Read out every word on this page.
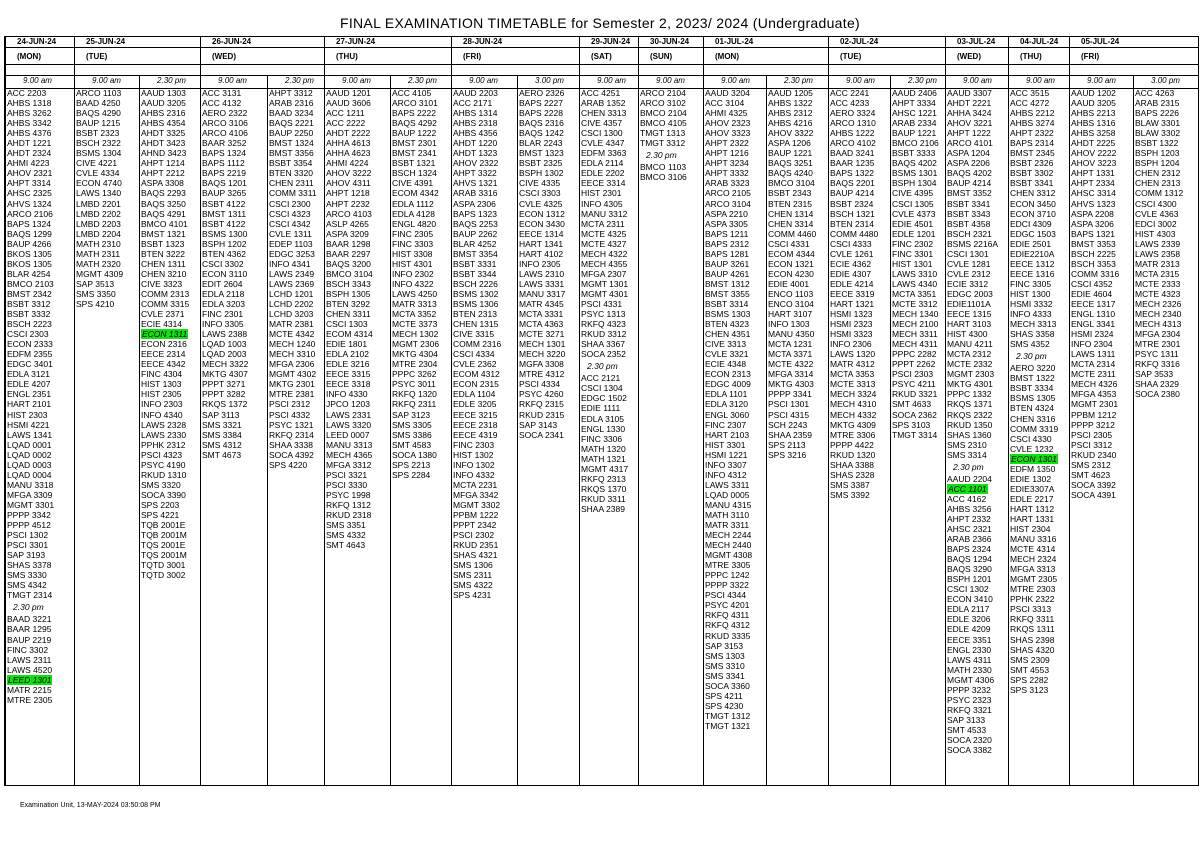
FINAL EXAMINATION TIMETABLE for Semester 2, 2023/ 2024 (Undergraduate)
24-JUN-24
(MON)
9.00 am
ACC 2203
AHBS 1318
AHBS 3262
AHBS 3342
AHBS 4376
AHDT 1221
AHDT 2324
AHMI 4223
AHOV 2321
AHPT 3314
AHSC 2325
AHVS 1324
ARCO 2106
BAPS 1324
BAQS 1299
BAUP 4266
BKOS 1305
BKOS 1305
BLAR 4254
BMCO 2103
BMST 2342
BSBT 3312
BSBT 3332
BSCH 2223
CSCI 2303
ECON 2333
EDFM 2355
EDGC 3401
EDLA 3121
EDLE 4207
ENGL 2351
HART 2101
HIST 2303
HSMI 4221
LAWS 1341
LQAD 0001
LQAD 0002
LQAD 0003
LQAD 0004
MANU 3318
MFGA 3309
MGMT 3301
PPPP 3342
PPPP 4512
PSCI 1302
PSCI 3301
SAP 3193
SHAS 3378
SMS 3330
SMS 4342
TMGT 2314
2.30 pm
BAAD 3221
BAAR 1295
BAUP 2219
FINC 3302
LAWS 2311
LAWS 4520
LEED 1301
MATR 2215
MTRE 2305
25-JUN-24
(TUE)
9.00 am
ARCO 1103
BAAD 4250
BAQS 4290
BAUP 1215
BSBT 2323
BSCH 2322
BSMS 1304
CIVE 4221
CVLE 4334
ECON 4740
LAWS 1340
LMBD 2201
LMBD 2202
LMBD 2203
LMBD 2204
MATH 2310
MATH 2311
MATH 2320
MGMT 4309
SAP 3513
SMS 3350
SPS 4210
2.30 pm
AAUD 1303
AAUD 3205
AHBS 2316
AHBS 4354
AHDT 3325
AHDT 3423
AHND 3423
AHPT 1214
AHPT 2212
ASPA 3308
BAQS 2293
BAQS 3250
BAQS 4291
BMCO 4101
BMST 1321
BSBT 1323
BTEN 3222
CHEN 1311
CHEN 3210
CIVE 3323
COMM 2313
COMM 3315
CVLE 2371
ECIE 4314
ECON 1311
ECON 2316
EECE 2314
EECE 4342
FINC 4304
HIST 1303
HIST 2305
INFO 2303
INFO 4340
LAWS 2328
LAWS 2330
PPHK 2312
PSCI 4323
PSYC 4190
RKUD 1310
SMS 3320
SOCA 3390
SPS 2203
SPS 4221
TQB 2001E
TQB 2001M
TQS 2001E
TQS 2001M
TQTD 3001
TQTD 3002
26-JUN-24
(WED)
9.00 am
ACC 3131
ACC 4132
AERO 2322
ARCO 3106
ARCO 4106
BAAR 3252
BAPS 1324
BAPS 1112
BAPS 2219
BAQS 1201
BAUP 3265
BSBT 4122
BMST 1311
BSBT 4122
BSMS 1300
BSPH 1202
BTEN 4362
CSCI 3302
ECON 3110
EDIT 2604
EDLA 2118
EDLA 3203
FINC 2301
INFO 3305
LAWS 2388
LQAD 1003
LQAD 2003
MECH 3322
MKTG 4307
PPPT 3271
PPPT 3282
RKQS 1372
SAP 3113
SMS 3321
SMS 3384
SMS 4312
SMT 4673
2.30 pm
AHPT 3312
ARAB 2316
BAAD 3234
BAQS 2221
BAUP 2250
BMST 1324
BMST 3356
BSBT 3354
BTEN 3320
CHEN 2311
COMM 3311
CSCI 2300
CSCI 4323
CSCI 4342
CVLE 1311
EDEP 1103
EDGC 3253
INFO 4341
LAWS 2349
LAWS 2369
LCHD 1201
LCHD 2202
LCHD 3203
MATR 2381
MCTE 4342
MECH 1240
MECH 3310
MFGA 2306
MGMT 4302
MKTG 2301
MTRE 2381
PSCI 2312
PSCI 4332
PSYC 1321
RKFQ 2314
SHAA 3338
SOCA 4392
SPS 4220
27-JUN-24
(THU)
9.00 am
AAUD 1201
AAUD 3606
ACC 1211
ACC 2222
AHDT 2222
AHHA 4613
AHHA 4623
AHMI 4224
AHOV 3222
AHOV 4311
AHPT 1218
AHPT 2232
ARCO 4103
ASLP 4265
ASPA 3209
BAAR 1298
BAAR 2297
BAQS 3200
BMCO 3104
BSCH 3343
BSPH 1305
BTEN 3292
CHEN 3311
CSCI 1303
ECOM 4314
EDIE 1801
EDLA 2102
EDLE 3216
EECE 3315
EECE 3318
INFO 4330
JPCO 1203
LAWS 2331
LAWS 3320
LEED 0007
MANU 3313
MECH 4365
MFGA 3312
PSCI 3321
PSCI 3330
PSYC 1998
RKFQ 1312
RKUD 2318
SMS 3351
SMS 4332
SMT 4643
2.30 pm
ACC 4105
ARCO 3101
BAPS 2222
BAQS 4292
BAUP 1222
BMST 2301
BMST 2341
BSBT 1321
BSCH 1324
CIVE 4391
ECOM 4342
EDLA 1112
EDLA 4128
ENGL 4820
FINC 2305
FINC 3303
HIST 3308
HIST 4301
INFO 2302
INFO 4322
LAWS 4250
MATR 3313
MCTA 3352
MCTE 3373
MECH 1302
MGMT 2306
MKTG 4304
MTRE 2304
PPPC 3262
PSYC 3011
RKFQ 1320
RKFQ 2311
SAP 3123
SMS 3305
SMS 3386
SMT 4583
SOCA 1380
SPS 2213
SPS 2284
28-JUN-24
(FRI)
9.00 am
AAUD 2203
ACC 2171
AHBS 1314
AHBS 2318
AHBS 4356
AHDT 1220
AHDT 1323
AHOV 2322
AHPT 3322
AHVS 1321
ARAB 3316
ASPA 2306
BAPS 1323
BAQS 2253
BAUP 2262
BLAR 4252
BMST 3354
BSBT 3331
BSBT 3344
BSCH 2226
BSMS 1302
BSMS 1306
BTEN 2313
CHEN 1315
CIVE 3315
COMM 2316
CSCI 4334
CVLE 2362
ECOM 4312
ECON 2315
EDLA 1104
EDLE 3205
EECE 3215
EECE 2318
EECE 4319
FINC 2303
HIST 1302
INFO 1302
INFO 4332
MCTA 2231
MFGA 3342
MGMT 3302
PPBM 1222
PPPT 2342
PSCI 2302
RKUD 2351
SHAS 4321
SMS 1306
SMS 2311
SMS 4322
SPS 4231
3.00 pm
AERO 2326
BAPS 2227
BAPS 2228
BAQS 2316
BAQS 1242
BLAR 2243
BMST 1323
BSBT 2325
BSPH 1302
CIVE 4335
CSCI 3303
CVLE 4325
ECON 1312
ECON 3430
EECE 1314
HART 1341
HART 4102
INFO 2305
LAWS 2310
LAWS 3331
MANU 3317
MATR 4345
MCTA 3331
MCTA 4363
MCTE 3271
MECH 1301
MECH 3220
MGFA 3308
MTRE 4312
PSCI 4334
PSYC 4260
RKFQ 2315
RKUD 2315
SAP 3143
SOCA 2341
29-JUN-24
(SAT)
9.00 am
ACC 4251
ARAB 1352
CHEN 3313
CIVE 4357
CSCI 1300
CVLE 4347
EDFM 3363
EDLA 2114
EDLE 2202
EECE 3314
HIST 2301
INFO 4305
MANU 3312
MCTA 2311
MCTE 4325
MCTE 4327
MECH 4322
MECH 4355
MFGA 2307
MGMT 1301
MGMT 4301
PSCI 4331
PSYC 1313
RKFQ 4323
RKUD 3312
SHAA 3367
SOCA 2352
2.30 pm
ACC 2121
CSCI 1304
EDGC 1502
EDIE 1111
EDLA 3105
ENGL 1330
FINC 3306
MATH 1320
MATH 1321
MGMT 4317
RKFQ 2313
RKQS 1370
RKUD 3311
SHAA 2389
30-JUN-24
(SUN)
9.00 am
ARCO 2104
ARCO 3102
BMCO 2104
BMCO 4105
TMGT 1313
TMGT 3312
2.30 pm
BMCO 1103
BMCO 3106
01-JUL-24
(MON)
9.00 am
AAUD 3204
ACC 3104
AHMI 4325
AHOV 2323
AHOV 3323
AHPT 2322
AHPT 1216
AHPT 3234
AHPT 3332
ARAB 3323
ARCO 2105
ARCO 3104
ASPA 2210
ASPA 3305
BAPS 1211
BAPS 2312
BAPS 1281
BAUP 3261
BAUP 4261
BMST 1312
BMST 3355
BSBT 3314
BSMS 1303
BTEN 4323
CHEN 4351
CIVE 3313
CVLE 3321
ECIE 4348
ECON 2313
EDGC 4009
EDLA 1101
EDLA 3120
ENGL 3060
FINC 2307
HART 2103
HIST 3301
HSMI 1221
INFO 3307
INFO 4312
LAWS 3311
LQAD 0005
MANU 4315
MATH 3110
MATR 3311
MECH 2244
MECH 2440
MGMT 4308
MTRE 3305
PPPC 1242
PPPP 3322
PSCI 4344
PSYC 4201
RKFQ 4311
RKFQ 4312
RKUD 3335
SAP 3153
SMS 1303
SMS 3310
SMS 3341
SOCA 3360
SPS 4211
SPS 4230
TMGT 1312
TMGT 1321
2.30 pm
AAUD 1205
AHBS 1322
AHBS 2312
AHBS 4216
AHOV 3322
ASPA 1206
BAUP 1221
BAQS 3251
BAQS 4240
BMCO 3104
BSBT 2343
BTEN 2315
CHEN 1314
CHEN 3314
COMM 4460
CSCI 4331
ECOM 4344
ECON 1321
ECON 4230
EDIE 4001
ENCO 1103
ENCO 3104
HART 3107
INFO 1303
MANU 4350
MCTA 1231
MCTA 3371
MCTE 4322
MFGA 3314
MKTG 4303
PPPP 3341
PSCI 1301
PSCI 4315
SCH 2243
SHAA 2359
SPS 2113
SPS 3216
02-JUL-24
(TUE)
9.00 am
ACC 2241
ACC 4233
AERO 3324
ARCO 1310
AHBS 1222
ARCO 4102
BAAD 3241
BAAR 1235
BAPS 1322
BAQS 2201
BAUP 4214
BSBT 2324
BSCH 1321
BTEN 2314
COMM 4480
CSCI 4333
CVLE 1261
ECIE 4362
EDIE 4307
EDLE 4214
EECE 3319
HART 1321
HSMI 1323
HSMI 2323
HSMI 3323
INFO 2306
LAWS 1320
MATR 4312
MCTA 3353
MCTE 3313
MECH 3324
MECH 4310
MECH 4332
MKTG 4309
MTRE 3306
PPPP 4422
RKUD 1320
SHAA 3388
SHAS 2328
SMS 3387
SMS 3392
2.30 pm
AAUD 2406
AHPT 3334
AHSC 1221
ARAB 2334
BAUP 1221
BMCO 2106
BSBT 3333
BAQS 4202
BSMS 1301
BSPH 1304
CIVE 4395
CSCI 1305
CVLE 4373
EDIE 4501
EDLE 1201
FINC 2302
FINC 3301
HIST 1301
LAWS 3310
LAWS 4340
MCTA 3351
MCTE 3312
MECH 1340
MECH 2100
MECH 3311
MECH 4311
PPPC 2282
PPPT 2262
PSCI 2303
PSYC 4211
RKUD 3321
SMT 4633
SOCA 2362
SPS 3103
TMGT 3314
03-JUL-24
(WED)
9.00 am
AAUD 3307
AHDT 2221
AHHA 3424
AHOV 3221
AHPT 1222
ARCO 4101
ASPA 1204
ASPA 2206
BAQS 4202
BAUP 4214
BMST 3352
BSBT 3341
BSBT 3343
BSBT 4358
BSCH 2321
BSMS 2216A
CSCI 1301
CVLE 1281
CVLE 2312
ECIE 3312
EDGC 2003
EDIE1101A
EECE 1315
HART 3103
HIST 4300
MANU 4211
MCTA 2312
MCTE 2332
MGMT 2303
MKTG 4301
PPPC 1332
RKQS 1371
RKQS 2322
RKUD 1350
SHAS 1360
SMS 2310
SMS 3314
2.30 pm
AAUD 2204
ACC 1101
ACC 4162
AHBS 3256
AHPT 2332
AHSC 2321
ARAB 2366
BAPS 2324
BAQS 1294
BAQS 3290
BSPH 1201
CSCI 1302
ECON 3410
EDLA 2117
EDLE 3206
EDLE 4209
EECE 3351
ENGL 2330
LAWS 4311
MATH 2330
MGMT 4306
PPPP 3232
PSYC 2323
RKFQ 3321
SAP 3133
SMT 4533
SOCA 2320
SOCA 3382
04-JUL-24
(THU)
9.00 am
ACC 3515
ACC 4272
AHBS 2212
AHBS 3274
AHPT 2322
BAPS 2314
BMST 2345
BSBT 2326
BSBT 3302
BSBT 3341
CHEN 3312
ECON 3450
ECON 3710
EDCI 4309
EDGC 1503
EDIE 2501
EDIE2210A
EECE 1312
EECE 1316
FINC 3305
HIST 1300
HSMI 3332
INFO 4333
MECH 3313
SHAS 3358
SMS 4352
2.30 pm
AERO 3220
BMST 1322
BSBT 3334
BSMS 1305
BTEN 4324
CHEN 3316
COMM 3319
CSCI 4330
CVLE 1232
ECON 1301
EDFM 1350
EDIE 1302
EDIE3307A
EDLE 2217
HART 1312
HART 1331
HIST 2304
MANU 3316
MCTE 4314
MECH 2324
MFGA 3313
MGMT 2305
MTRE 2303
PPHK 2322
PSCI 3313
RKFQ 3311
RKQS 1311
SHAS 2398
SHAS 4320
SMS 2309
SMT 4553
SPS 2282
SPS 3123
05-JUL-24
(FRI)
9.00 am
AAUD 1202
AAUD 3205
AHBS 2213
AHBS 1316
AHBS 3258
AHDT 2225
AHOV 2222
AHOV 3223
AHPT 1331
AHPT 2334
AHSC 3314
AHVS 1323
ASPA 2208
ASPA 3206
BAPS 1321
BMST 3353
BSCH 2225
BSCH 3353
COMM 3316
CSCI 4352
EDIE 4604
EECE 1317
ENGL 1310
ENGL 3341
HSMI 2324
INFO 2304
LAWS 1311
MCTA 2314
MCTE 2311
MECH 4326
MFGA 4353
MGMT 2301
PPBM 1212
PPPP 3212
PSCI 2305
PSCI 3312
RKUD 2340
SMS 2312
SMT 4623
SOCA 3392
SOCA 4391
3.00 pm
ACC 4263
ARAB 2315
BAPS 2226
BLAW 3301
BLAW 3302
BSBT 1322
BSPH 1203
BSPH 1204
CHEN 2312
CHEN 2313
COMM 1312
CSCI 4300
CVLE 4363
EDCI 3002
HIST 4303
LAWS 2339
LAWS 2358
MATR 2313
MCTA 2315
MCTE 2333
MCTE 4323
MECH 2326
MECH 2340
MECH 4313
MFGA 2304
MTRE 2301
PSYC 1311
RKFQ 3316
SAP 3533
SHAA 2329
SOCA 2380
Examination Unit, 13-MAY-2024 03:50:08 PM
